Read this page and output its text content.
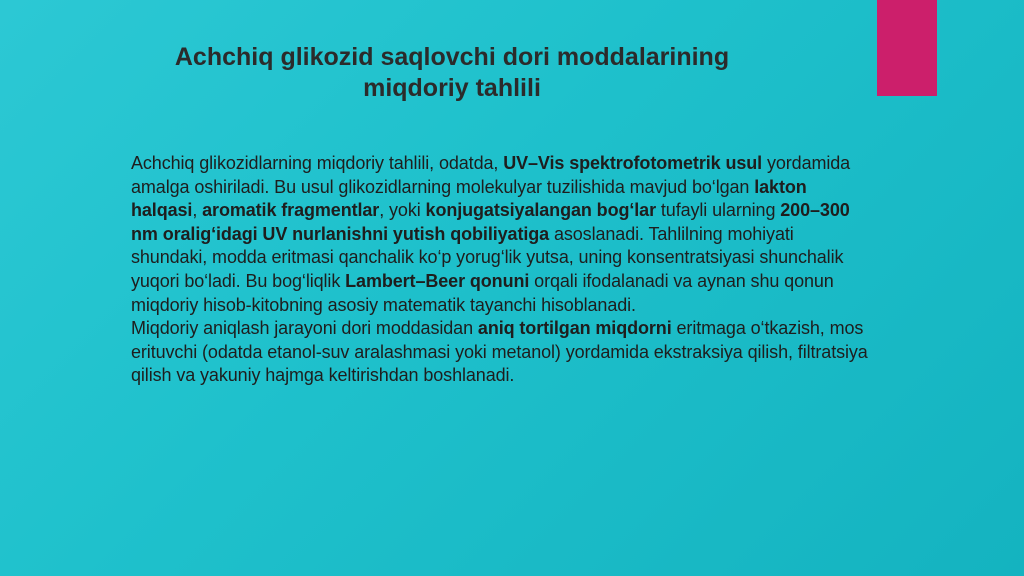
Achchiq glikozid saqlovchi dori moddalarining
miqdoriy tahlili

Achchiq glikozidlarning miqdoriy tahlili, odatda, UV–Vis spektrofotometrik usul yordamida amalga oshiriladi. Bu usul glikozidlarning molekulyar tuzilishida mavjud bo‘lgan lakton halqasi, aromatik fragmentlar, yoki konjugatsiyalangan bog‘lar tufayli ularning 200–300 nm oralig‘idagi UV nurlanishni yutish qobiliyatiga asoslanadi. Tahlilning mohiyati shundaki, modda eritmasi qanchalik ko‘p yorug‘lik yutsa, uning konsentratsiyasi shunchalik yuqori bo‘ladi. Bu bog‘liqlik Lambert–Beer qonuni orqali ifodalanadi va aynan shu qonun miqdoriy hisob-kitobning asosiy matematik tayanchi hisoblanadi.
Miqdoriy aniqlash jarayoni dori moddasidan aniq tortilgan miqdorni eritmaga o‘tkazish, mos erituvchi (odatda etanol-suv aralashmasi yoki metanol) yordamida ekstraksiya qilish, filtratsiya qilish va yakuniy hajmga keltirishdan boshlanadi.
